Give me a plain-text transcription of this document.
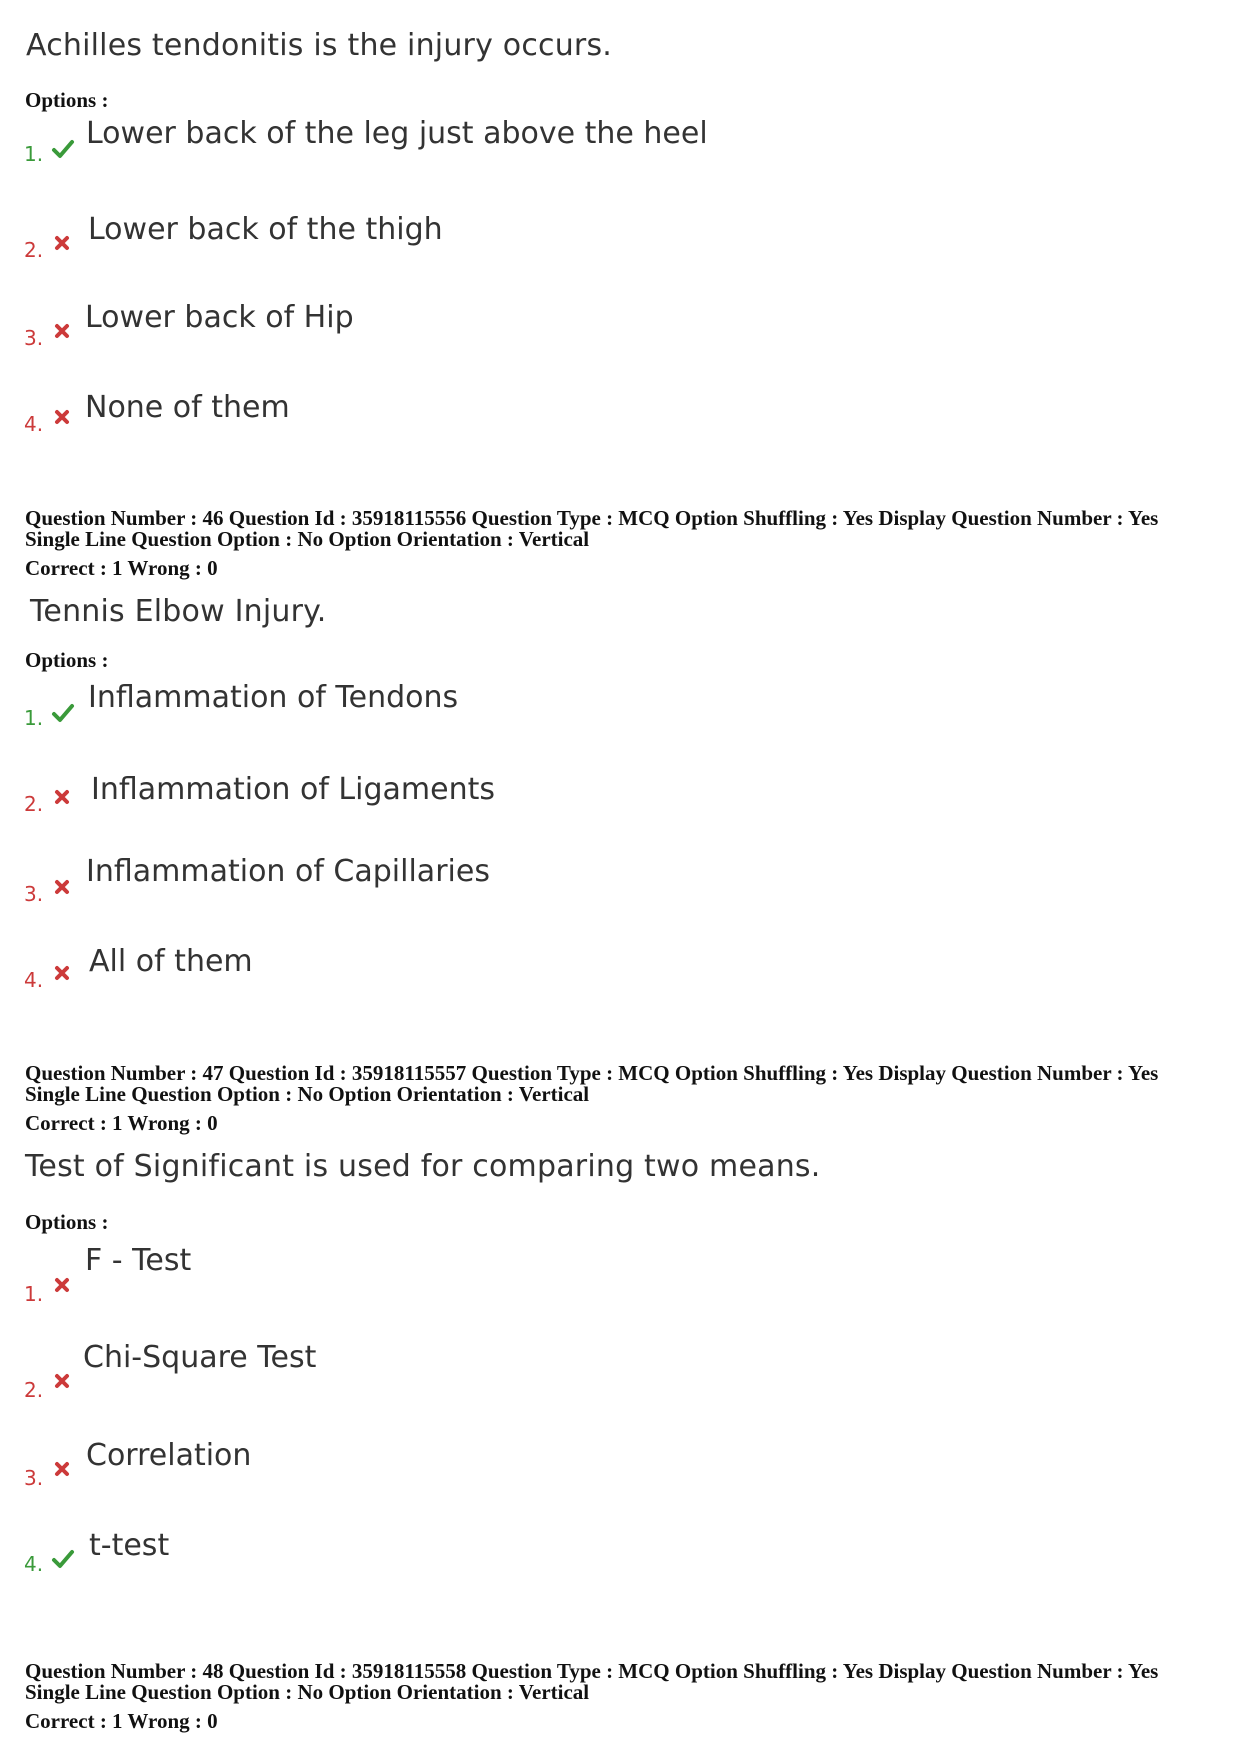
Achilles tendonitis is the injury occurs.
Options :
1.
Lower back of the leg just above the heel
2.
Lower back of the thigh
3.
Lower back of Hip
4. None of them
Question Number : 46 Question Id : 35918115556 Question Type : MCQ Option Shuffling : Yes Display Question Number : Yes
Single Line Question Option : No Option Orientation : Vertical
Correct : 1 Wrong : 0
Tennis Elbow Injury.
Options :
1.
Inflammation of Tendons
2. Inflammation of Ligaments
3.
Inflammation of Capillaries
4.
All of them
Question Number : 47 Question Id : 35918115557 Question Type : MCQ Option Shuffling : Yes Display Question Number : Yes
Single Line Question Option : No Option Orientation : Vertical
Correct : 1 Wrong : 0
Test of Significant is used for comparing two means.
Options :
1.
F - Test
2.
Chi-Square Test
3.
Correlation
4.
t-test
Question Number : 48 Question Id : 35918115558 Question Type : MCQ Option Shuffling : Yes Display Question Number : Yes
Single Line Question Option : No Option Orientation : Vertical
Correct : 1 Wrong : 0
